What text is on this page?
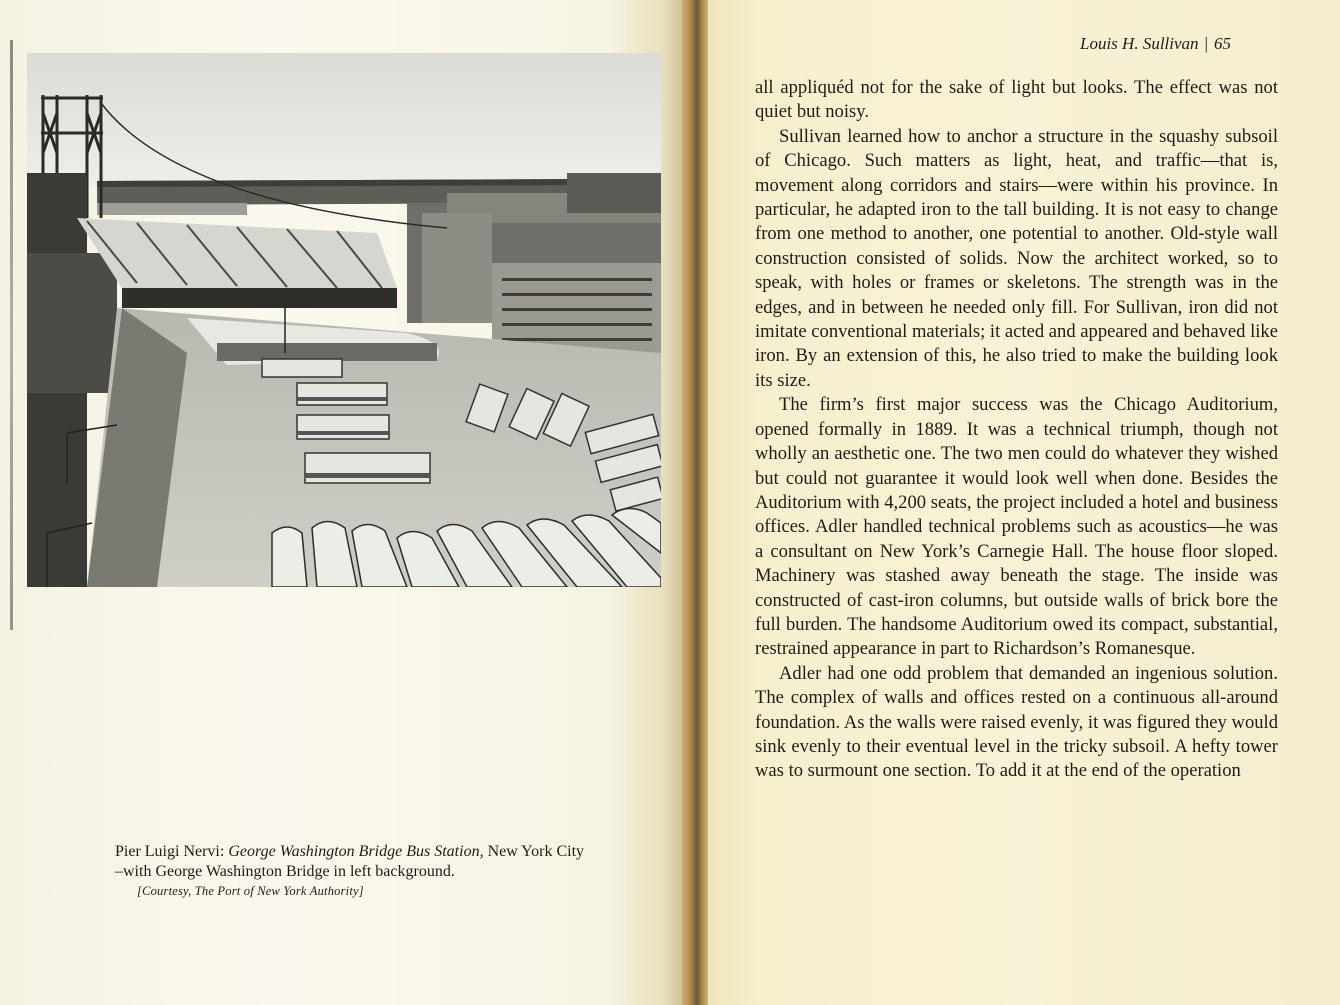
Pier Luigi Nervi: George Washington Bridge Bus Station, New York City
–with George Washington Bridge in left background.
[Courtesy, The Port of New York Authority]
Louis H. Sullivan | 65

all appliquéd not for the sake of light but looks. The effect was not quiet but noisy.

Sullivan learned how to anchor a structure in the squashy subsoil of Chicago. Such matters as light, heat, and traffic—that is, movement along corridors and stairs—were within his province. In particular, he adapted iron to the tall building. It is not easy to change from one method to another, one potential to another. Old-style wall construction consisted of solids. Now the architect worked, so to speak, with holes or frames or skeletons. The strength was in the edges, and in between he needed only fill. For Sullivan, iron did not imitate conventional materials; it acted and appeared and behaved like iron. By an extension of this, he also tried to make the building look its size.

The firm’s first major success was the Chicago Auditorium, opened formally in 1889. It was a technical triumph, though not wholly an aesthetic one. The two men could do whatever they wished but could not guarantee it would look well when done. Besides the Auditorium with 4,200 seats, the project included a hotel and business offices. Adler handled technical problems such as acoustics—he was a consultant on New York’s Carnegie Hall. The house floor sloped. Machinery was stashed away beneath the stage. The inside was constructed of cast-iron columns, but outside walls of brick bore the full burden. The handsome Auditorium owed its compact, substantial, restrained appearance in part to Richardson’s Romanesque.

Adler had one odd problem that demanded an ingenious solution. The complex of walls and offices rested on a continuous all-around foundation. As the walls were raised evenly, it was figured they would sink evenly to their eventual level in the tricky subsoil. A hefty tower was to surmount one section. To add it at the end of the operation
